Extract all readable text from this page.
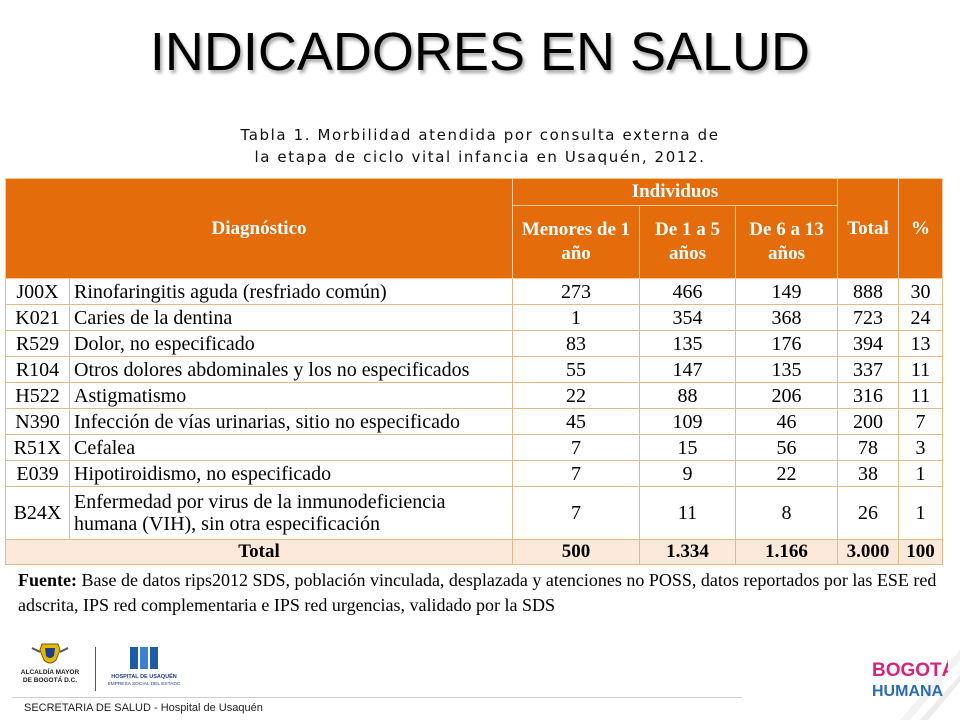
INDICADORES EN SALUD
Tabla 1. Morbilidad atendida por consulta externa de
la etapa de ciclo vital infancia en Usaquén, 2012.
Diagnóstico		Individuos			Total	%
		Menores de 1 año	De 1 a 5 años	De 6 a 13 años		
J00X	Rinofaringitis aguda (resfriado común)	273	466	149	888	30
K021	Caries de la dentina	1	354	368	723	24
R529	Dolor, no especificado	83	135	176	394	13
R104	Otros dolores abdominales y los no especificados	55	147	135	337	11
H522	Astigmatismo	22	88	206	316	11
N390	Infección de vías urinarias, sitio no especificado	45	109	46	200	7
R51X	Cefalea	7	15	56	78	3
E039	Hipotiroidismo, no especificado	7	9	22	38	1
B24X	Enfermedad por virus de la inmunodeficiencia humana (VIH), sin otra especificación	7	11	8	26	1
Total		500	1.334	1.166	3.000	100
Fuente: Base de datos rips2012 SDS, población vinculada, desplazada y atenciones no POSS, datos reportados por las ESE red adscrita, IPS red complementaria e IPS red urgencias, validado por la SDS
ALCALDÍA MAYOR
DE BOGOTÁ D.C.	HOSPITAL DE USAQUÉN
EMPRESA SOCIAL DEL ESTADO
BOGOTÁ
HUMANA
SECRETARIA DE SALUD - Hospital de Usaquén
